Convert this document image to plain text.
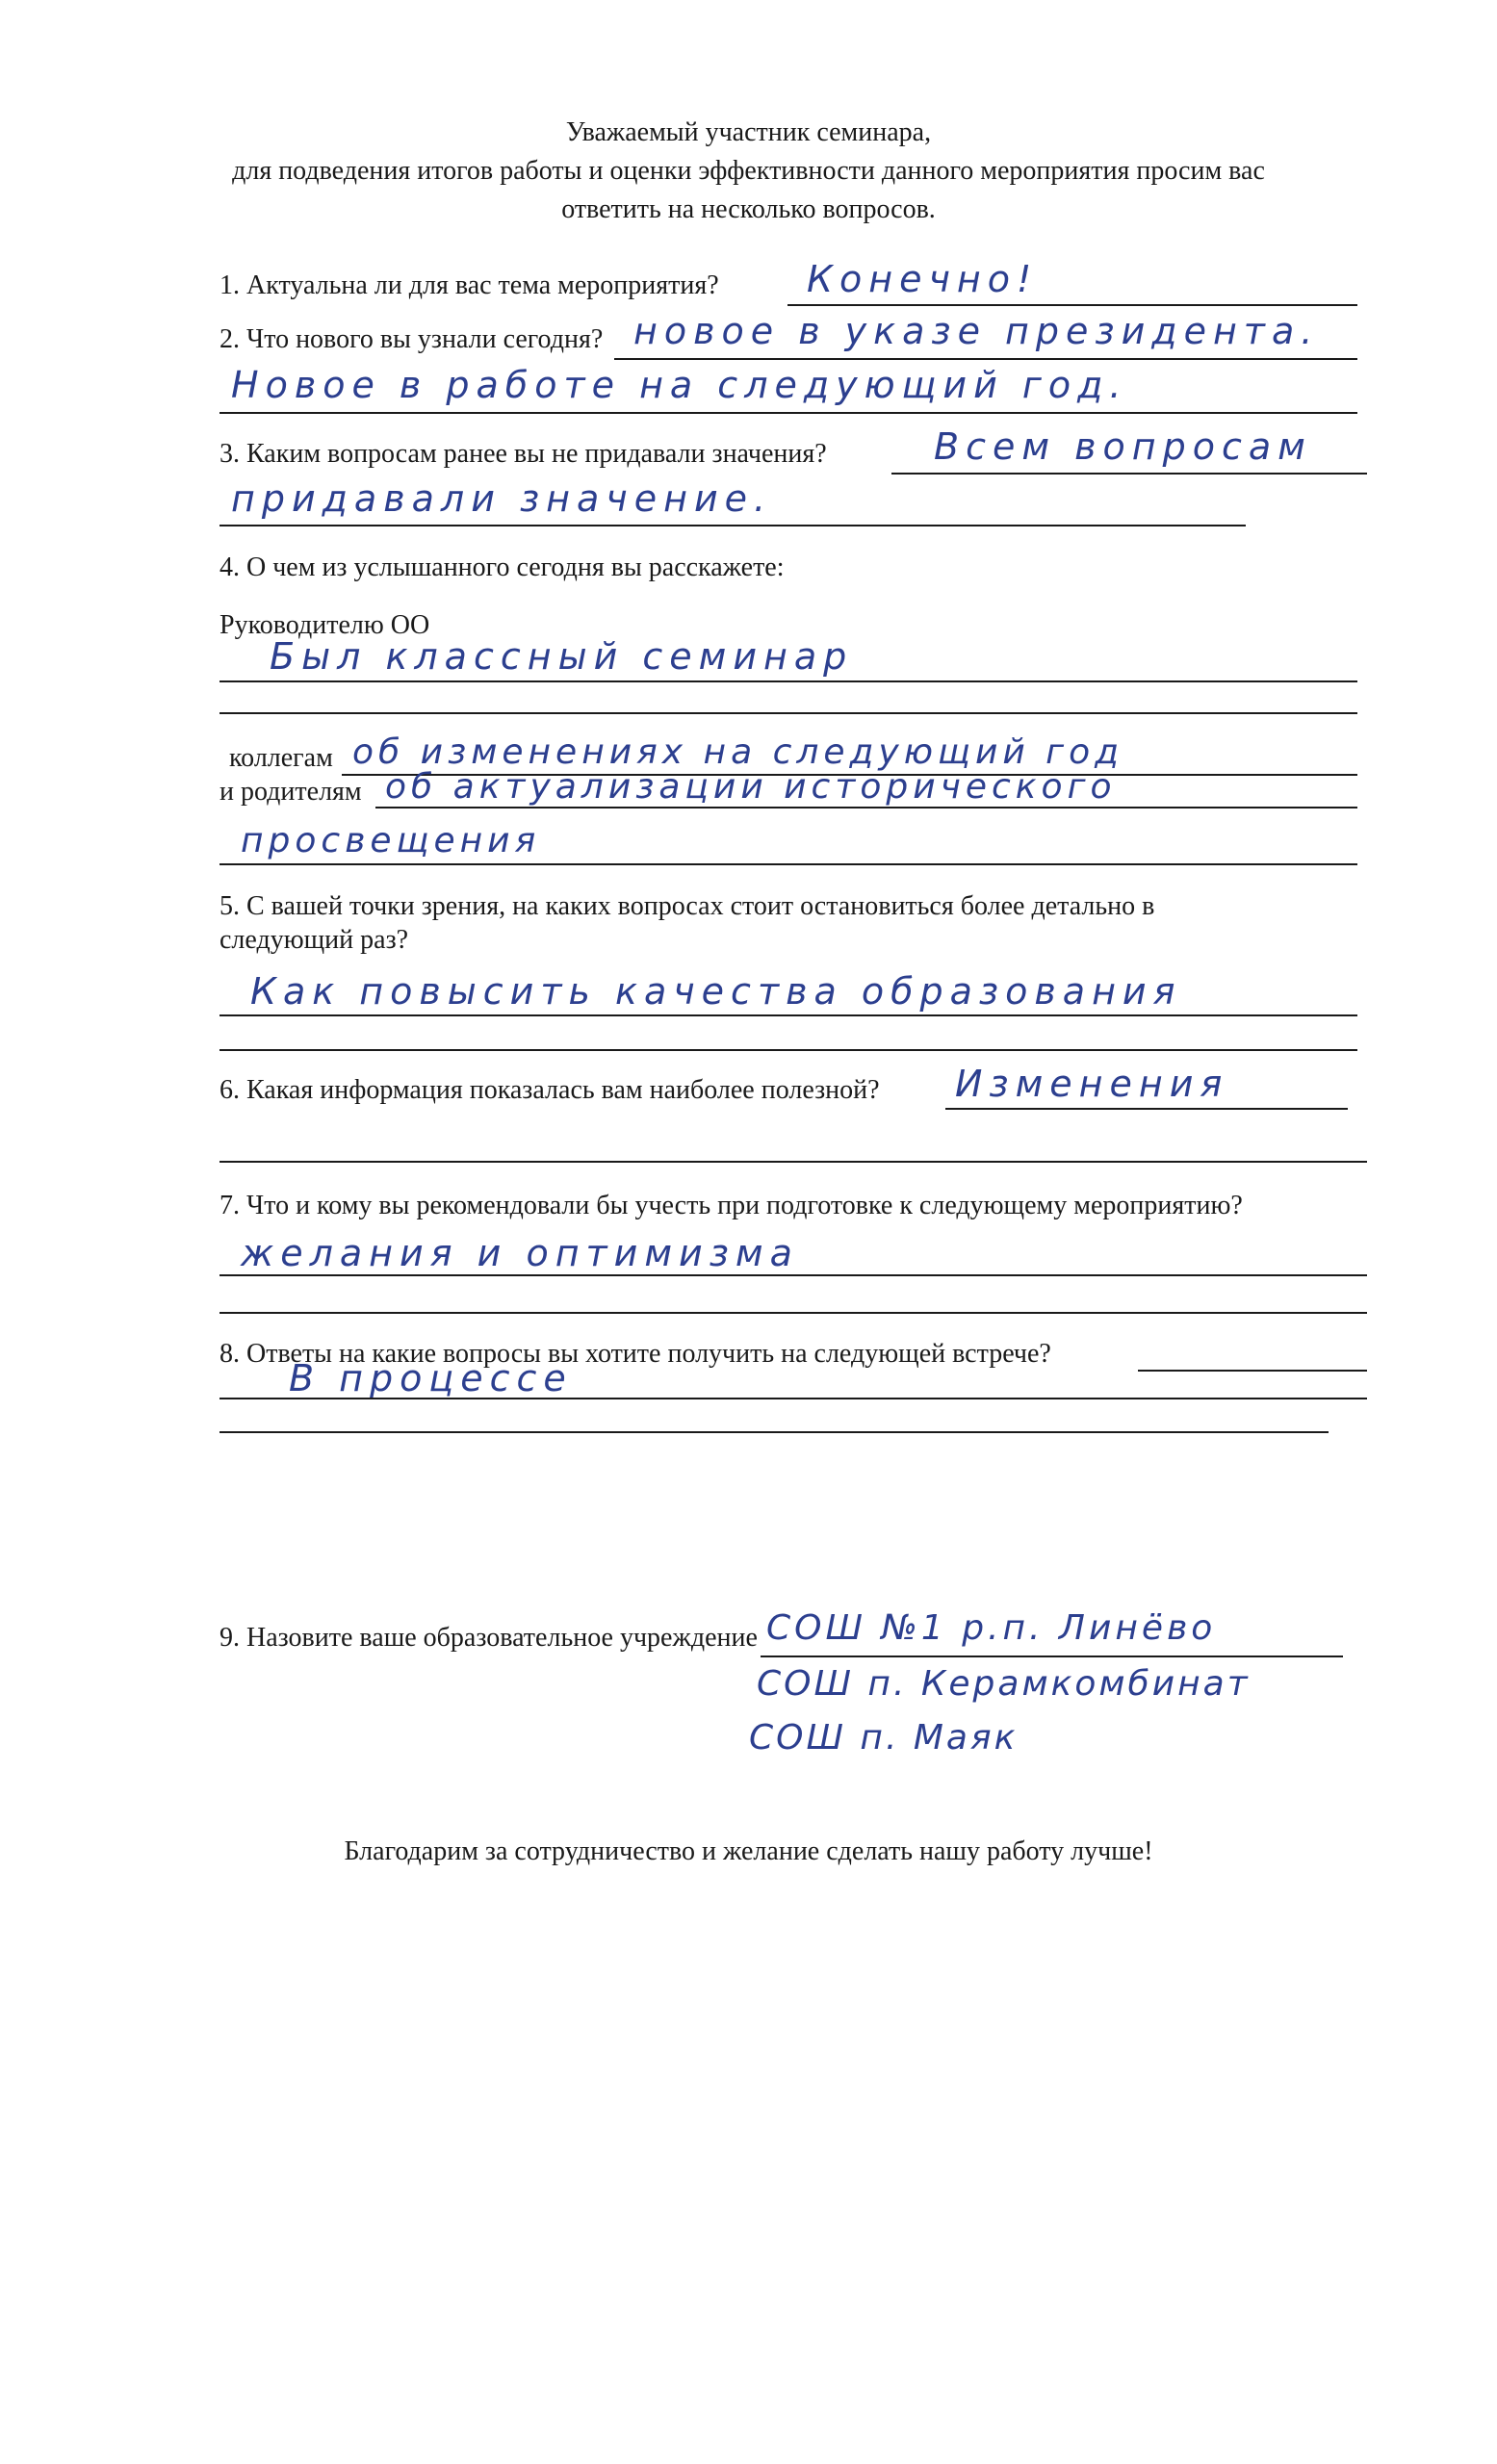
Уважаемый участник семинара,
для подведения итогов работы и оценки эффективности данного мероприятия просим вас
ответить на несколько вопросов.
1. Актуальна ли для вас тема мероприятия? Конечно!
2. Что нового вы узнали сегодня? новое в указе президента.
Новое в работе на следующий год.
3. Каким вопросам ранее вы не придавали значения?	Всем вопросам
придавали значение.
4. О чем из услышанного сегодня вы расскажете:
Руководителю ОО
Был классный семинар
коллегам об изменениях на следующий год
и родителям об актуализации исторического
просвещения
5. С вашей точки зрения, на каких вопросах стоит остановиться более детально в
следующий раз?
Как повысить качества образования
6. Какая информация показалась вам наиболее полезной? Изменения
7. Что и кому вы рекомендовали бы учесть при подготовке к следующему мероприятию?
желания и оптимизма
8. Ответы на какие вопросы вы хотите получить на следующей встрече?
В процессе
9. Назовите ваше образовательное учреждение СОШ №1 р.п. Линёво
СОШ п. Керамкомбинат
СОШ п. Маяк
Благодарим за сотрудничество и желание сделать нашу работу лучше!
